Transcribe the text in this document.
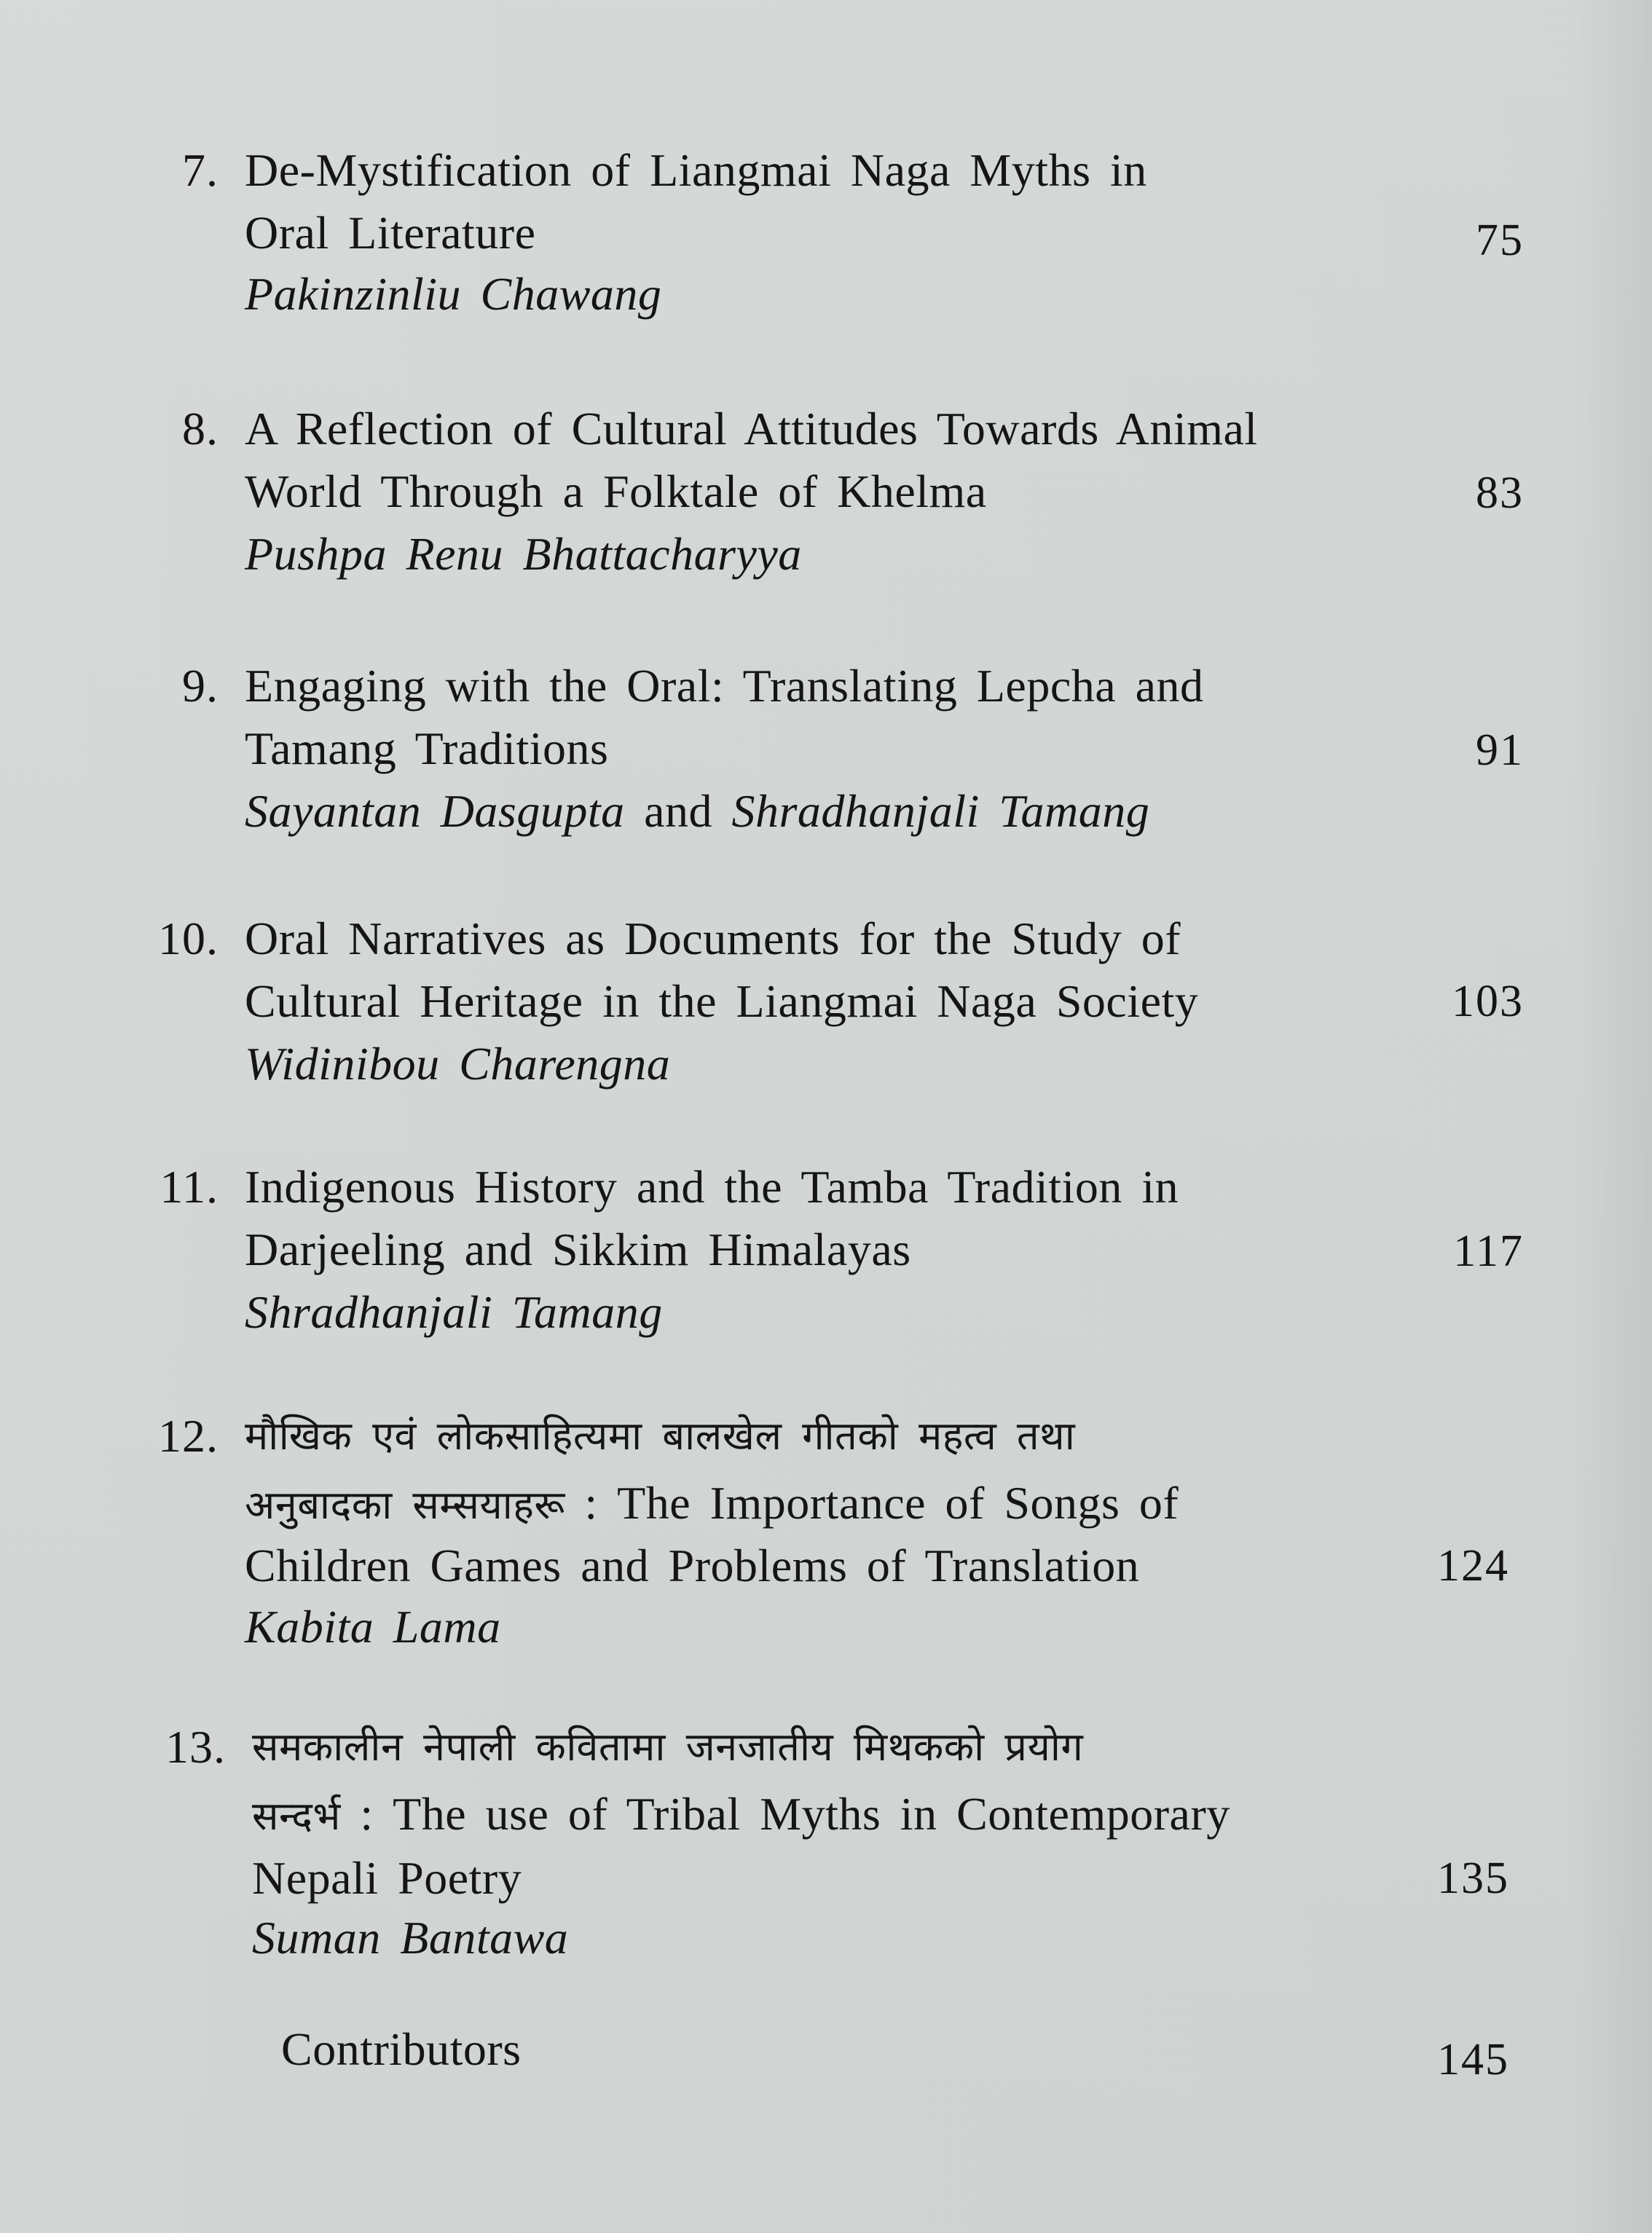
7. De-Mystification of Liangmai Naga Myths in
Oral Literature
Pakinzinliu Chawang
75
8. A Reflection of Cultural Attitudes Towards Animal
World Through a Folktale of Khelma
Pushpa Renu Bhattacharyya
83
9. Engaging with the Oral: Translating Lepcha and
Tamang Traditions
Sayantan Dasgupta and Shradhanjali Tamang
91
10. Oral Narratives as Documents for the Study of
Cultural Heritage in the Liangmai Naga Society
Widinibou Charengna
103
11. Indigenous History and the Tamba Tradition in
Darjeeling and Sikkim Himalayas
Shradhanjali Tamang
117
12. मौखिक एवं लोकसाहित्यमा बालखेल गीतको महत्व तथा
अनुबादका सम्सयाहरू : The Importance of Songs of
Children Games and Problems of Translation
Kabita Lama
124
13. समकालीन नेपाली कवितामा जनजातीय मिथकको प्रयोग
सन्दर्भ : The use of Tribal Myths in Contemporary
Nepali Poetry
Suman Bantawa
135
Contributors	145
